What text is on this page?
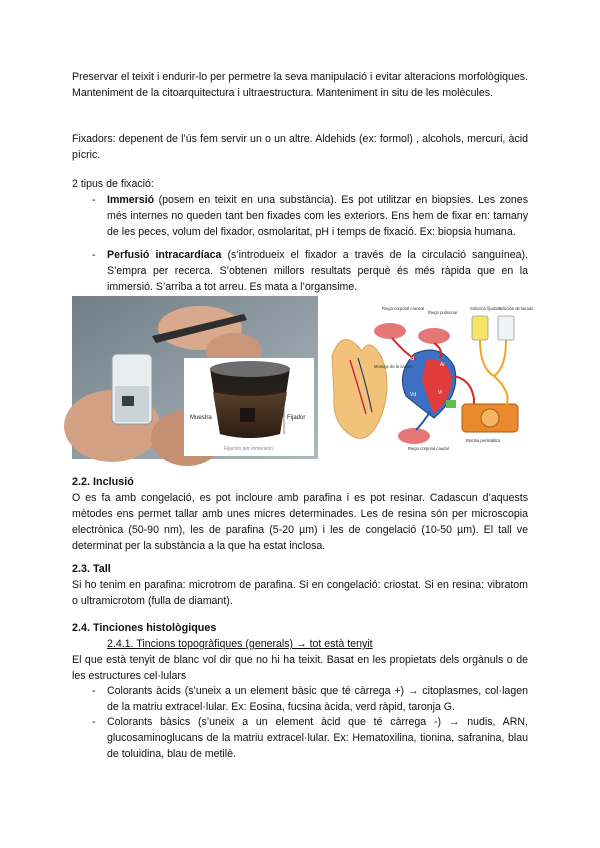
Preservar el teixit i endurir-lo per permetre la seva manipulació i evitar alteracions morfològiques. Manteniment de la citoarquitectura i ultraestructura. Manteniment in situ de les molècules.
Fixadors: depenent de l’ús fem servir un o un altre. Aldehids (ex: formol) , alcohols, mercuri, àcid pícric.
2 tipus de fixació:
- Immersió (posem en teixit en una substància). Es pot utilitzar en biopsies. Les zones més internes no queden tant ben fixades com les exteriors. Ens hem de fixar en: tamany de les peces, volum del fixador, osmolaritat, pH i temps de fixació. Ex: biopsia humana.
- Perfusió intracardíaca (s’introdueix el fixador a través de la circulació sanguínea). S’empra per recerca. S’obtenen millors resultats perquè és més ràpida que en la immersió. S’arriba a tot arreu. Es mata a l’organsime.
Muestra	Fijador
Fijación por inmersión.
Riego corporal craneal
Riego pulmonar
Solución fijadora
Solución de lavado
Montaje de la cánula
Ad
Ai
Vd	Vi
Riego corporal caudal
Bomba peristáltica
2.2. Inclusió
O es fa amb congelació, es pot incloure amb parafina i es pot resinar. Cadascun d’aquests mètodes ens permet tallar amb unes micres determinades. Les de resina són per microscopia electrònica (50-90 nm), les de parafina (5-20 µm) i les de congelació (10-50 µm). El tall ve determinat per la substància a la que ha estat inclosa.
2.3. Tall
Si ho tenim en parafina: microtrom de parafina. Si en congelació: criostat. Si en resina: vibratom o ultramicrotom (fulla de diamant).
2.4. Tinciones histològiques
2.4.1. Tincions topogràfiques (generals) → tot està tenyit
El que està tenyit de blanc vol dir que no hi ha teixit. Basat en les propietats dels orgànuls o de les estructures cel·lulars
- Colorants àcids (s’uneix a un element bàsic que té càrrega +) → citoplasmes, col·lagen de la matriu extracel·lular. Ex: Eosina, fucsina àcida, verd ràpid, taronja G.
- Colorants bàsics (s’uneix a un element àcid que té càrrega -) → nudis, ARN, glucosaminoglucans de la matriu extracel·lular. Ex: Hematoxilina, tionina, safranina, blau de toluidina, blau de metilè.
